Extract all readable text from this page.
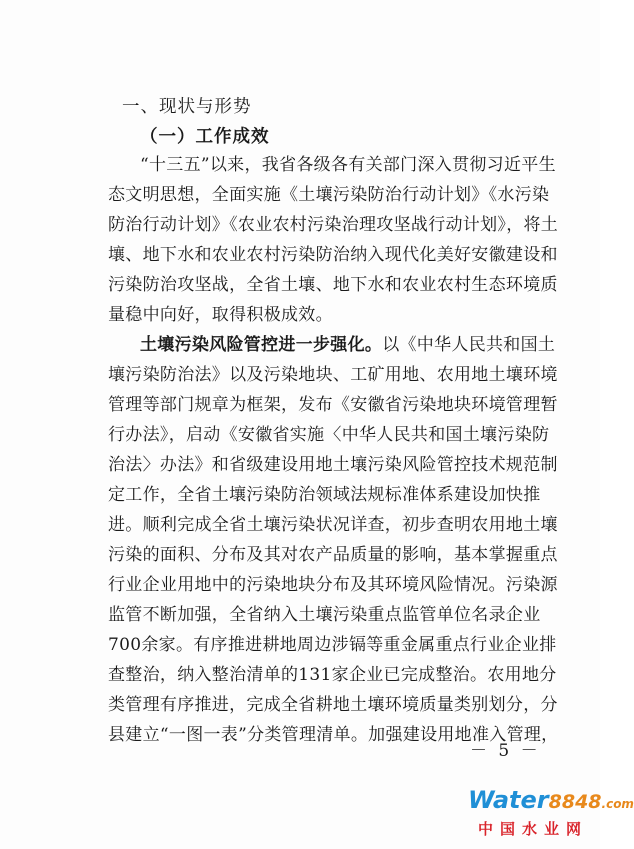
一、现状与形势
（一）工作成效
“十三五”以来，我省各级各有关部门深入贯彻习近平生
态文明思想，全面实施《土壤污染防治行动计划》《水污染
防治行动计划》《农业农村污染治理攻坚战行动计划》，将土
壤、地下水和农业农村污染防治纳入现代化美好安徽建设和
污染防治攻坚战，全省土壤、地下水和农业农村生态环境质
量稳中向好，取得积极成效。
土壤污染风险管控进一步强化。以《中华人民共和国土
壤污染防治法》以及污染地块、工矿用地、农用地土壤环境
管理等部门规章为框架，发布《安徽省污染地块环境管理暂
行办法》，启动《安徽省实施〈中华人民共和国土壤污染防
治法〉办法》和省级建设用地土壤污染风险管控技术规范制
定工作，全省土壤污染防治领域法规标准体系建设加快推
进。顺利完成全省土壤污染状况详查，初步查明农用地土壤
污染的面积、分布及其对农产品质量的影响，基本掌握重点
行业企业用地中的污染地块分布及其环境风险情况。污染源
监管不断加强，全省纳入土壤污染重点监管单位名录企业
700余家。有序推进耕地周边涉镉等重金属重点行业企业排
查整治，纳入整治清单的131家企业已完成整治。农用地分
类管理有序推进，完成全省耕地土壤环境质量类别划分，分
县建立“一图一表”分类管理清单。加强建设用地准入管理，
－ 5 －
Water8848.com
中国水业网
